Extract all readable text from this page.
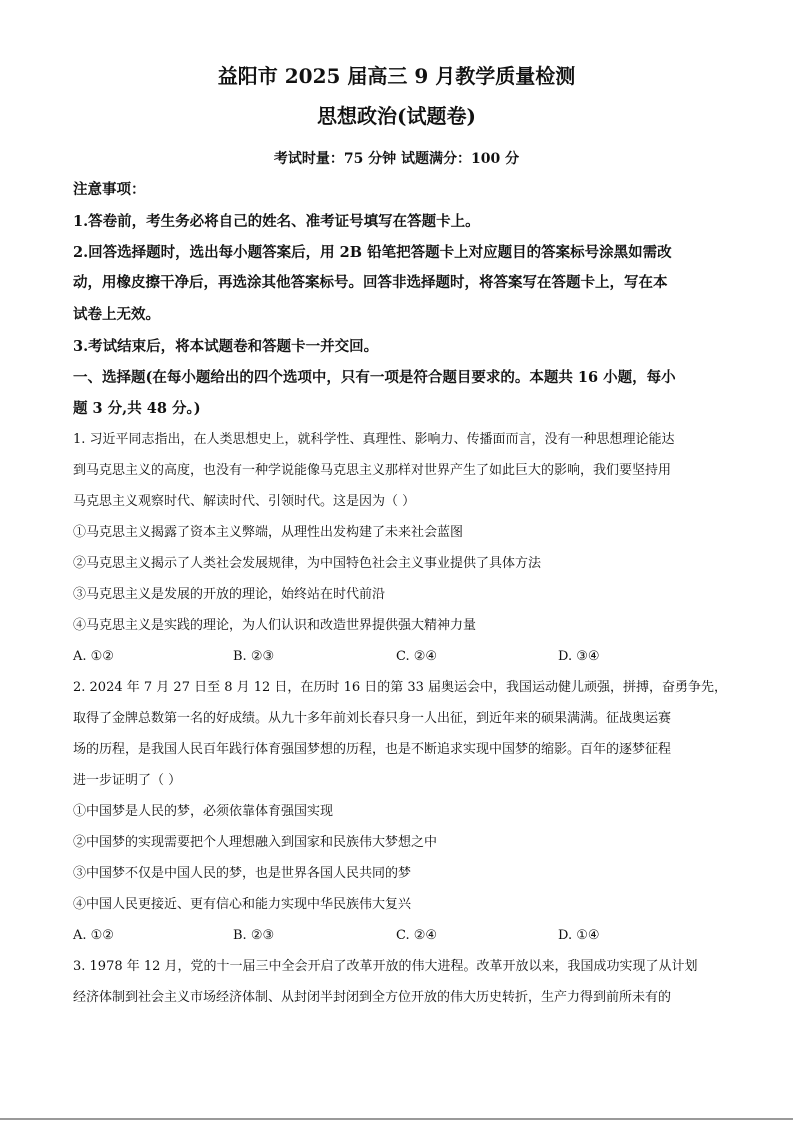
益阳市 2025 届高三 9 月教学质量检测
思想政治(试题卷)
考试时量：75 分钟 试题满分：100 分
注意事项：
1.答卷前，考生务必将自己的姓名、准考证号填写在答题卡上。
2.回答选择题时，选出每小题答案后，用 2B 铅笔把答题卡上对应题目的答案标号涂黑如需改
动，用橡皮擦干净后，再选涂其他答案标号。回答非选择题时，将答案写在答题卡上，写在本
试卷上无效。
3.考试结束后，将本试题卷和答题卡一并交回。
一、选择题(在每小题给出的四个选项中，只有一项是符合题目要求的。本题共 16 小题，每小
题 3 分,共 48 分。)
1. 习近平同志指出，在人类思想史上，就科学性、真理性、影响力、传播面而言，没有一种思想理论能达
到马克思主义的高度，也没有一种学说能像马克思主义那样对世界产生了如此巨大的影响，我们要坚持用
马克思主义观察时代、解读时代、引领时代。这是因为（ ）
①马克思主义揭露了资本主义弊端，从理性出发构建了未来社会蓝图
②马克思主义揭示了人类社会发展规律，为中国特色社会主义事业提供了具体方法
③马克思主义是发展的开放的理论，始终站在时代前沿
④马克思主义是实践的理论，为人们认识和改造世界提供强大精神力量
A. ①②	B. ②③	C. ②④	D. ③④
2. 2024 年 7 月 27 日至 8 月 12 日，在历时 16 日的第 33 届奥运会中，我国运动健儿顽强，拼搏，奋勇争先，
取得了金牌总数第一名的好成绩。从九十多年前刘长春只身一人出征，到近年来的硕果满满。征战奥运赛
场的历程，是我国人民百年践行体育强国梦想的历程，也是不断追求实现中国梦的缩影。百年的逐梦征程
进一步证明了（ ）
①中国梦是人民的梦，必须依靠体育强国实现
②中国梦的实现需要把个人理想融入到国家和民族伟大梦想之中
③中国梦不仅是中国人民的梦，也是世界各国人民共同的梦
④中国人民更接近、更有信心和能力实现中华民族伟大复兴
A. ①②	B. ②③	C. ②④	D. ①④
3. 1978 年 12 月，党的十一届三中全会开启了改革开放的伟大进程。改革开放以来，我国成功实现了从计划
经济体制到社会主义市场经济体制、从封闭半封闭到全方位开放的伟大历史转折，生产力得到前所未有的
